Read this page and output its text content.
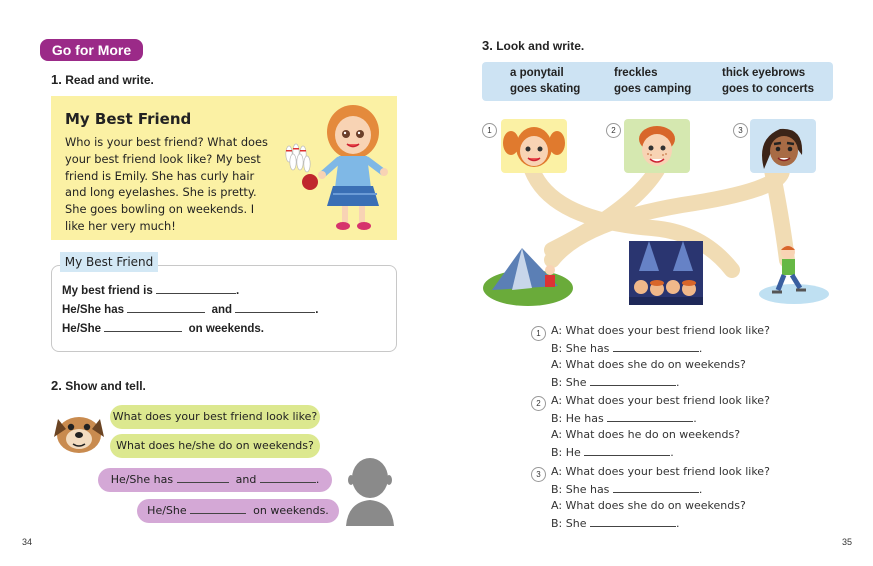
Go for More
1. Read and write.
My Best Friend
Who is your best friend? What does your best friend look like? My best friend is Emily. She has curly hair and long eyelashes. She is pretty. She goes bowling on weekends. I like her very much!
My best friend is	.
He/She has	and	.
He/She	on weekends.
My Best Friend
2. Show and tell.
What does your best friend look like?
What does he/she do on weekends?
He/She has	and	.
He/She	on weekends.
34
3. Look and write.
a ponytail	freckles	thick eyebrows
goes skating	goes camping	goes to concerts
1	2	3
1 A: What does your best friend look like?
B: She has	.
A: What does she do on weekends?
B: She	.
2 A: What does your best friend look like?
B: He has	.
A: What does he do on weekends?
B: He	.
3 A: What does your best friend look like?
B: She has	.
A: What does she do on weekends?
B: She	.
35
